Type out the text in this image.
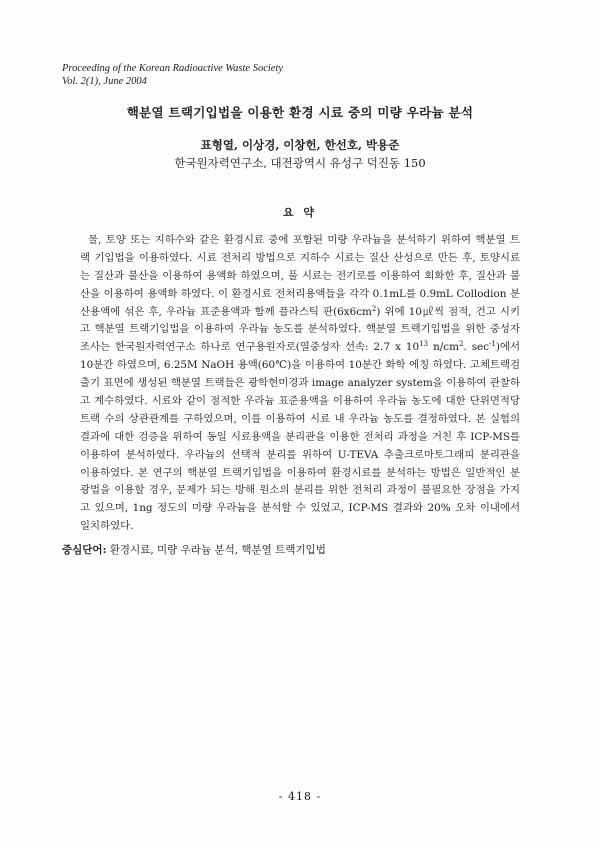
Proceeding of the Korean Radioactive Waste Society
Vol. 2(1), June 2004
핵분열 트랙기입법을 이용한 환경 시료 중의 미량 우라늄 분석
표형열, 이상경, 이창헌, 한선호, 박용준
한국원자력연구소, 대전광역시 유성구 덕진동 150
요 약
물, 토양 또는 지하수와 같은 환경시료 중에 포함된 미량 우라늄을 분석하기 위하여 핵분열 트
랙 기입법을 이용하였다. 시료 전처리 방법으로 지하수 시료는 질산 산성으로 만든 후, 토양시료
는 질산과 불산을 이용하여 용액화 하였으며, 풀 시료는 전기로를 이용하여 회화한 후, 질산과 불
산을 이용하여 용액화 하였다. 이 환경시료 전처리용액들을 각각 0.1mL를 0.9mL Collodion 분
산용액에 섞은 후, 우라늄 표준용액과 함께 플라스틱 판$(6x6cm^2)$ 위에 10㎕씩 점적, 건고 시키
고 핵분열 트랙기입법을 이용하여 우라늄 농도를 분석하였다. 핵분열 트랙기입법을 위한 중성자
조사는 한국원자력연구소 하나로 연구용원자로(열중성자 선속: 2.7 x $10^{13}$ $n/cm^2$. $\sec^{-1}$)에서
10분간 하였으며, 6.25M NaOH 용액(60℃)을 이용하여 10분간 화학 에칭 하였다. 고체트랙검
출기 표면에 생성된 핵분열 트랙들은 광학현미경과 image analyzer system을 이용하여 관찰하
고 계수하였다. 시료와 같이 점적한 우라늄 표준용액을 이용하여 우라늄 농도에 대한 단위면적당
트랙 수의 상관관계를 구하였으며, 이를 이용하여 시료 내 우라늄 농도를 결정하였다. 본 실험의
결과에 대한 검증을 위하여 동일 시료용액을 분리관을 이용한 전처리 과정을 거친 후 ICP-MS를
이용하여 분석하였다. 우라늄의 선택적 분리를 위하여 U-TEVA 추출크로마토그래피 분리관을
이용하였다. 본 연구의 핵분열 트랙기입법을 이용하여 환경시료를 분석하는 방법은 일반적인 분
광법을 이용할 경우, 문제가 되는 방해 원소의 분리를 위한 전처리 과정이 불필요한 장점을 가지
고 있으며, 1ng 정도의 미량 우라늄을 분석할 수 있었고, ICP-MS 결과와 20% 오차 이내에서
일치하였다.
중심단어: 환경시료, 미량 우라늄 분석, 핵분열 트랙기입법
- 418 -
